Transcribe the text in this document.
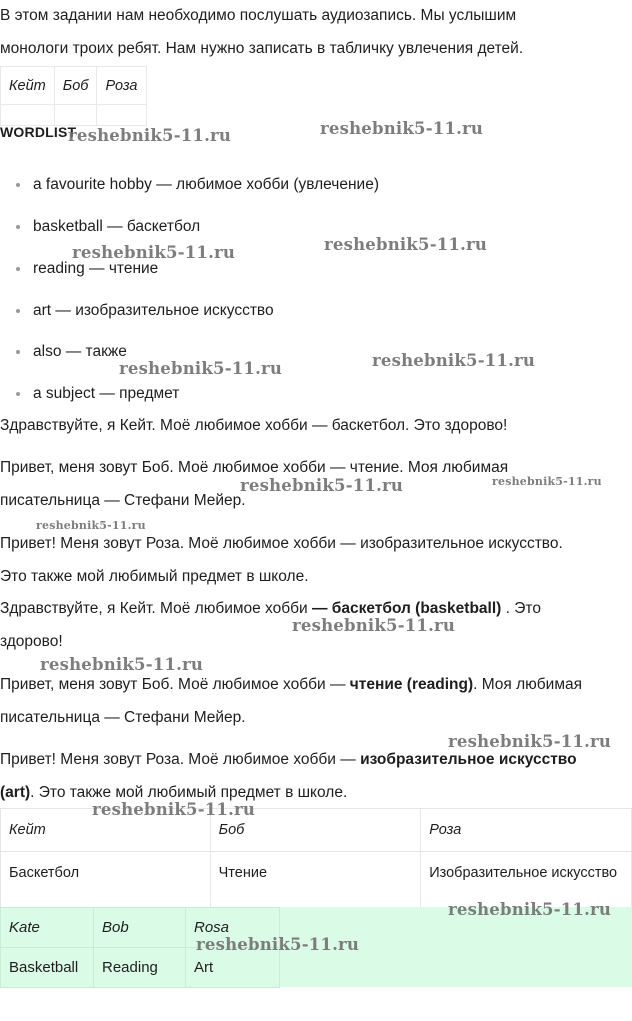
В этом задании нам необходимо послушать аудиозапись. Мы услышим

монологи троих ребят. Нам нужно записать в табличку увлечения детей.

Кейт	Боб	Роза

WORDLIST
a favourite hobby — любимое хобби (увлечение)
basketball — баскетбол
reading — чтение
art — изобразительное искусство
also — также
a subject — предмет

Здравствуйте, я Кейт. Моё любимое хобби — баскетбол. Это здорово!

Привет, меня зовут Боб. Моё любимое хобби — чтение. Моя любимая

писательница — Стефани Мейер.

Привет! Меня зовут Роза. Моё любимое хобби — изобразительное искусство.

Это также мой любимый предмет в школе.

Здравствуйте, я Кейт. Моё любимое хобби — баскетбол (basketball) . Это

здорово!

Привет, меня зовут Боб. Моё любимое хобби — чтение (reading). Моя любимая

писательница — Стефани Мейер.

Привет! Меня зовут Роза. Моё любимое хобби — изобразительное искусство

(art). Это также мой любимый предмет в школе.

Кейт	Боб	Роза
Баскетбол	Чтение	Изобразительное искусство
Kate	Bob	Rosa
Basketball	Reading	Art
reshebnik5-11.ru	reshebnik5-11.ru
reshebnik5-11.ru	reshebnik5-11.ru
reshebnik5-11.ru	reshebnik5-11.ru
reshebnik5-11.ru	reshebnik5-11.ru
reshebnik5-11.ru
reshebnik5-11.ru
reshebnik5-11.ru
reshebnik5-11.ru
reshebnik5-11.ru
reshebnik5-11.ru
reshebnik5-11.ru
